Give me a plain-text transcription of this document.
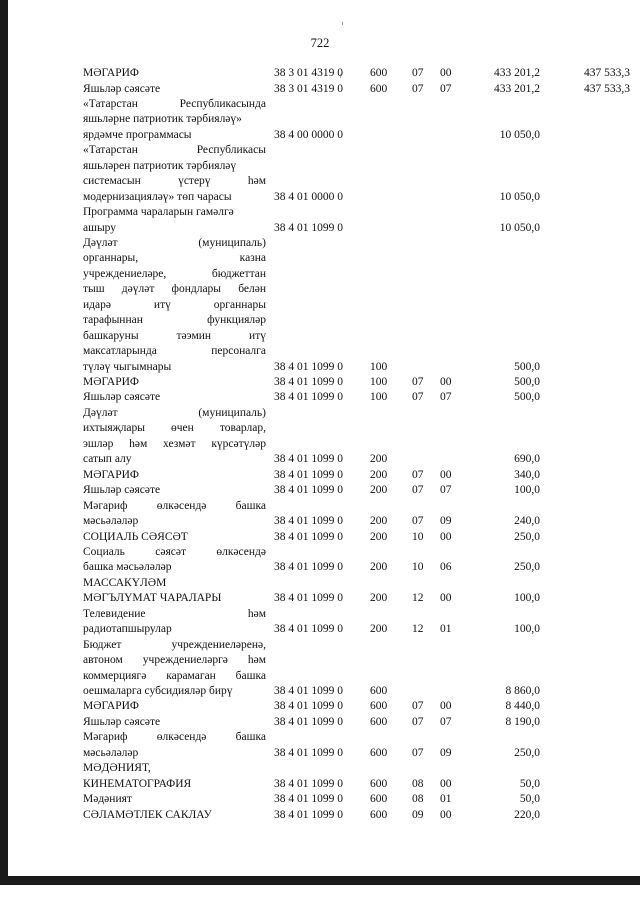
722
МӘГАРИФ	38 3 01 4319 0 600 07 00	433 201,2	437 533,3
Яшьләр сәясәте	38 3 01 4319 0 600 07 07	433 201,2	437 533,3
«Татарстан Республикасында
яшьләрне патриотик тәрбияләү»
ярдәмче программасы	38 4 00 0000 0	10 050,0
«Татарстан Республикасы
яшьләрен патриотик тәрбияләү
системасын үстерү һәм
модернизацияләү» төп чарасы	38 4 01 0000 0	10 050,0
Программа чараларын гамәлгә
ашыру	38 4 01 1099 0	10 050,0
Дәүләт (муниципаль)
органнары, казна
учреждениеләре, бюджеттан
тыш дәүләт фондлары белән
идарә итү органнары
тарафыннан функцияләр
башкаруны тәэмин итү
максатларында персоналга
түләү чыгымнары	38 4 01 1099 0 100	500,0
МӘГАРИФ	38 4 01 1099 0 100 07 00	500,0
Яшьләр сәясәте	38 4 01 1099 0 100 07 07	500,0
Дәүләт (муниципаль)
ихтыяҗлары өчен товарлар,
эшләр һәм хезмәт күрсәтүләр
сатып алу	38 4 01 1099 0 200	690,0
МӘГАРИФ	38 4 01 1099 0 200 07 00	340,0
Яшьләр сәясәте	38 4 01 1099 0 200 07 07	100,0
Мәгариф өлкәсендә башка
мәсьәләләр	38 4 01 1099 0 200 07 09	240,0
СОЦИАЛЬ СӘЯСӘТ	38 4 01 1099 0 200 10 00	250,0
Социаль сәясәт өлкәсендә
башка мәсьәләләр	38 4 01 1099 0 200 10 06	250,0
МАССАКҮЛӘМ
МӘГЪЛҮМАТ ЧАРАЛАРЫ	38 4 01 1099 0 200 12 00	100,0
Телевидение һәм
радиотапшырулар	38 4 01 1099 0 200 12 01	100,0
Бюджет учреждениеләренә,
автоном учреждениеләргә һәм
коммерциягә карамаган башка
оешмаларга субсидияләр бирү	38 4 01 1099 0 600	8 860,0
МӘГАРИФ	38 4 01 1099 0 600 07 00	8 440,0
Яшьләр сәясәте	38 4 01 1099 0 600 07 07	8 190,0
Мәгариф өлкәсендә башка
мәсьәләләр	38 4 01 1099 0 600 07 09	250,0
МӘДӘНИЯТ,
КИНЕМАТОГРАФИЯ	38 4 01 1099 0 600 08 00	50,0
Мәдәният	38 4 01 1099 0 600 08 01	50,0
СӘЛАМӘТЛЕК САКЛАУ	38 4 01 1099 0 600 09 00	220,0
